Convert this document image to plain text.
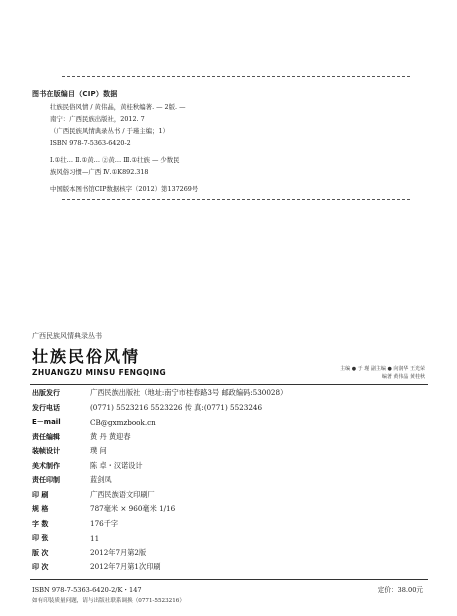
图书在版编目（CIP）数据
壮族民俗风情 / 黄伟晶，黄桂秋编著. — 2版. —
南宁：广西民族出版社，2012. 7
（广西民族风情典录丛书 / 于瑾主编；1）
ISBN 978-7-5363-6420-2
Ⅰ.①壮… Ⅱ.①黄… ②黄… Ⅲ.①壮族 — 少数民
族风俗习惯—广西 Ⅳ.①K892.318
中国版本图书馆CIP数据核字（2012）第137269号
广西民族风情典录丛书
壮族民俗风情
ZHUANGZU MINSU FENGQING	主编 ● 于 瑾 副主编 ● 向润华 王光荣
编著 黄伟晶 黄桂秋
出版发行	广西民族出版社（地址:南宁市桂春路3号 邮政编码:530028）
发行电话	(0771) 5523216 5523226 传 真:(0771) 5523246
E－mail	CB@gxmzbook.cn
责任编辑	黄 丹 黄迎春
装帧设计	璞 问
美术制作	陈 卓・汉诺设计
责任印制	蓝剑凤
印 刷	广西民族语文印刷厂
规 格	787毫米 × 960毫米 1/16
字 数	176千字
印 张	11
版 次	2012年7月第2版
印 次	2012年7月第1次印刷
ISBN 978-7-5363-6420-2/K・147	定价：38.00元
如有印装质量问题，请与出版社联系调换（0771-5523216）
